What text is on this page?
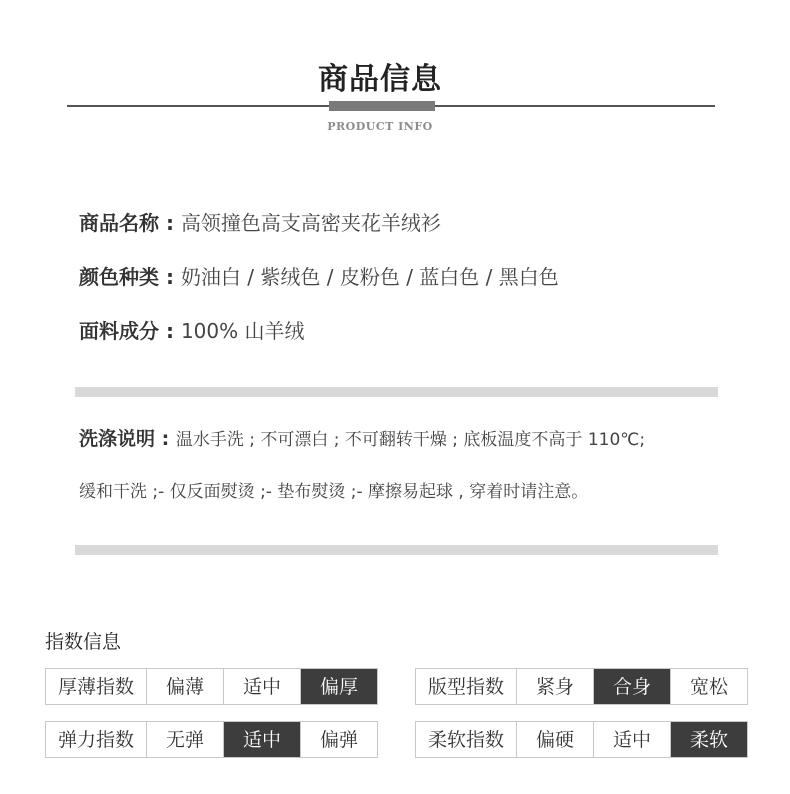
商品信息
PRODUCT INFO
商品名称 : 高领撞色高支高密夹花羊绒衫
颜色种类 : 奶油白 / 紫绒色 / 皮粉色 / 蓝白色 / 黑白色
面料成分 : 100% 山羊绒
洗涤说明 : 温水手洗 ; 不可漂白 ; 不可翻转干燥 ; 底板温度不高于 110℃;
缓和干洗 ;- 仅反面熨烫 ;- 垫布熨烫 ;- 摩擦易起球 , 穿着时请注意。
指数信息
厚薄指数	偏薄	适中	偏厚	版型指数	紧身	合身	宽松
弹力指数	无弹	适中	偏弹	柔软指数	偏硬	适中	柔软
